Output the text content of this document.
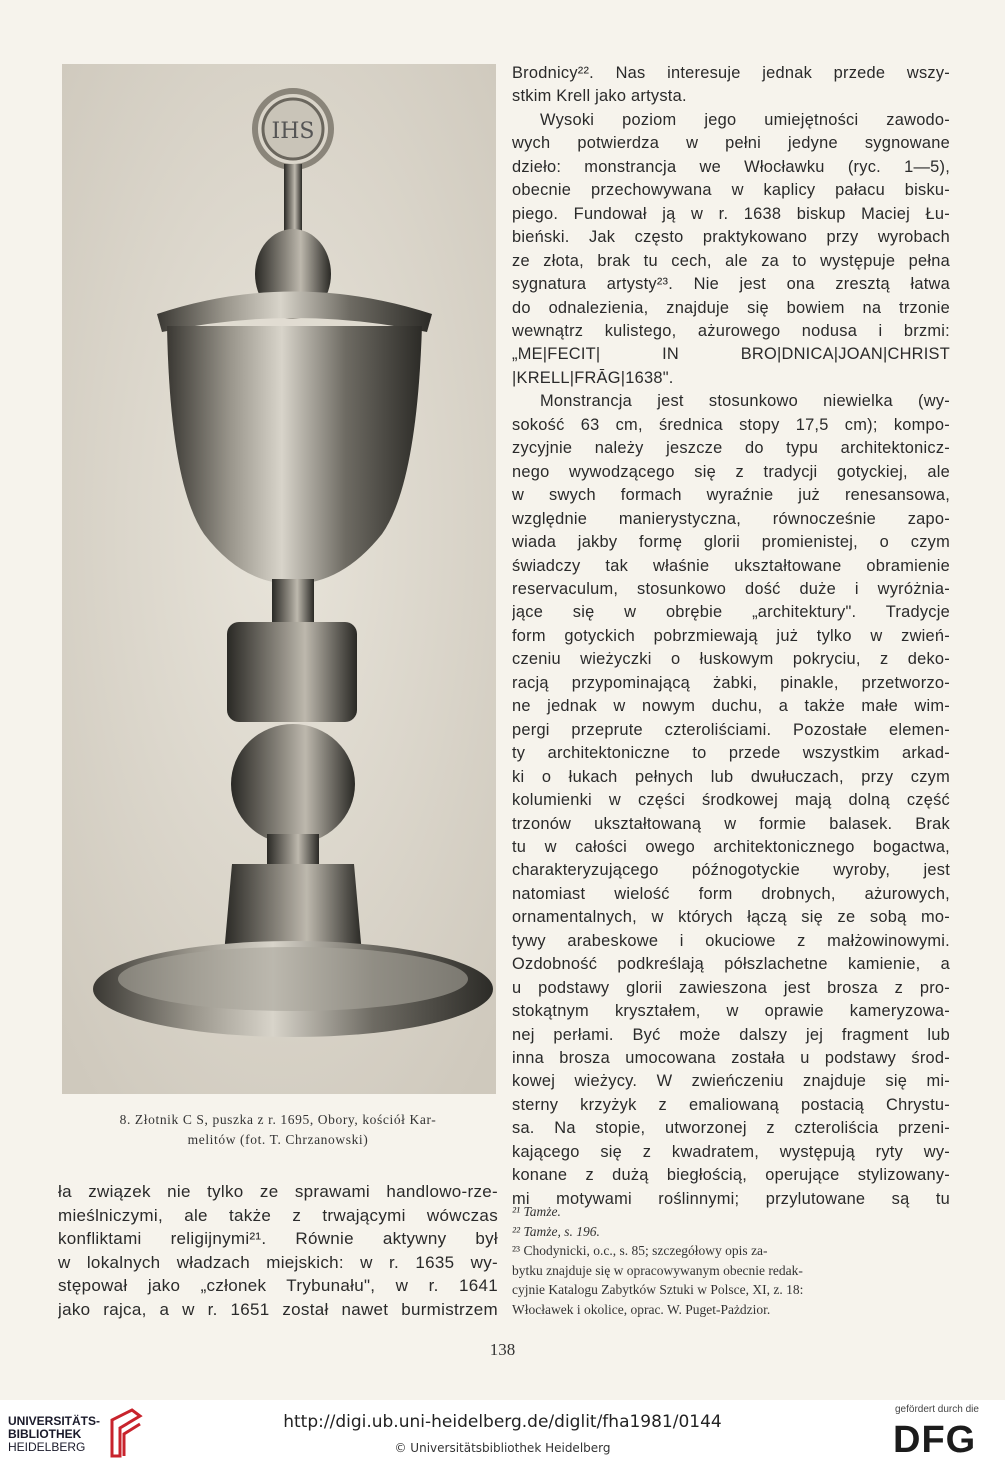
IHS
8. Złotnik C S, puszka z r. 1695, Obory, kościół Kar-
melitów (fot. T. Chrzanowski)
ła związek nie tylko ze sprawami handlowo-rze-
mieślniczymi, ale także z trwającymi wówczas
konfliktami religijnymi²¹. Równie aktywny był
w lokalnych władzach miejskich: w r. 1635 wy-
stępował jako „członek Trybunału", w r. 1641
jako rajca, a w r. 1651 został nawet burmistrzem
Brodnicy²². Nas interesuje jednak przede wszy-
stkim Krell jako artysta.
Wysoki poziom jego umiejętności zawodo-
wych potwierdza w pełni jedyne sygnowane
dzieło: monstrancja we Włocławku (ryc. 1—5),
obecnie przechowywana w kaplicy pałacu bisku-
piego. Fundował ją w r. 1638 biskup Maciej Łu-
bieński. Jak często praktykowano przy wyrobach
ze złota, brak tu cech, ale za to występuje pełna
sygnatura artysty²³. Nie jest ona zresztą łatwa
do odnalezienia, znajduje się bowiem na trzonie
wewnątrz kulistego, ażurowego nodusa i brzmi:
„ME|FECIT| IN BRO|DNICA|JOAN|CHRIST
|KRELL|FRĀG|1638".
Monstrancja jest stosunkowo niewielka (wy-
sokość 63 cm, średnica stopy 17,5 cm); kompo-
zycyjnie należy jeszcze do typu architektonicz-
nego wywodzącego się z tradycji gotyckiej, ale
w swych formach wyraźnie już renesansowa,
względnie manierystyczna, równocześnie zapo-
wiada jakby formę glorii promienistej, o czym
świadczy tak właśnie ukształtowane obramienie
reservaculum, stosunkowo dość duże i wyróżnia-
jące się w obrębie „architektury". Tradycje
form gotyckich pobrzmiewają już tylko w zwień-
czeniu wieżyczki o łuskowym pokryciu, z deko-
racją przypominającą żabki, pinakle, przetworzo-
ne jednak w nowym duchu, a także małe wim-
pergi przeprute czteroliściami. Pozostałe elemen-
ty architektoniczne to przede wszystkim arkad-
ki o łukach pełnych lub dwułuczach, przy czym
kolumienki w części środkowej mają dolną część
trzonów ukształtowaną w formie balasek. Brak
tu w całości owego architektonicznego bogactwa,
charakteryzującego późnogotyckie wyroby, jest
natomiast wielość form drobnych, ażurowych,
ornamentalnych, w których łączą się ze sobą mo-
tywy arabeskowe i okuciowe z małżowinowymi.
Ozdobność podkreślają półszlachetne kamienie, a
u podstawy glorii zawieszona jest brosza z pro-
stokątnym kryształem, w oprawie kameryzowa-
nej perłami. Być może dalszy jej fragment lub
inna brosza umocowana została u podstawy środ-
kowej wieżycy. W zwieńczeniu znajduje się mi-
sterny krzyżyk z emaliowaną postacią Chrystu-
sa. Na stopie, utworzonej z czteroliścia przeni-
kającego się z kwadratem, występują ryty wy-
konane z dużą biegłością, operujące stylizowany-
mi motywami roślinnymi; przylutowane są tu
²¹ Tamże.
²² Tamże, s. 196.
²³ Chodynicki, o.c., s. 85; szczegółowy opis za-
bytku znajduje się w opracowywanym obecnie redak-
cyjnie Katalogu Zabytków Sztuki w Polsce, XI, z. 18:
Włocławek i okolice, oprac. W. Puget-Pażdzior.
138
UNIVERSITÄTS-
BIBLIOTHEK
HEIDELBERG
http://digi.ub.uni-heidelberg.de/diglit/fha1981/0144
© Universitätsbibliothek Heidelberg
gefördert durch die
DFG
